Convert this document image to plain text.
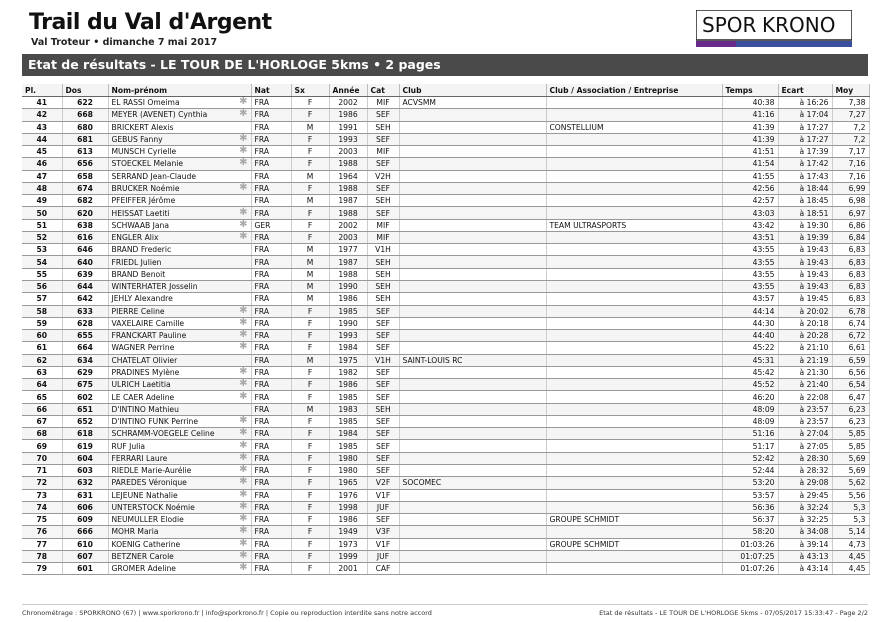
Trail du Val d'Argent
Val Troteur • dimanche 7 mai 2017
SPOR KRONO
Etat de résultats - LE TOUR DE L'HORLOGE 5kms • 2 pages
Pl.	Dos	Nom-prénom	Nat	Sx	Année	Cat	Club	Club / Association / Entreprise	Temps	Ecart	Moy
41	622	EL RASSI Omeima ✱	FRA	F	2002	MIF	ACVSMM		40:38	à 16:26	7,38
42	668	MEYER (AVENET) Cynthia ✱	FRA	F	1986	SEF			41:16	à 17:04	7,27
43	680	BRICKERT Alexis	FRA	M	1991	SEH		CONSTELLIUM	41:39	à 17:27	7,2
44	681	GEBUS Fanny ✱	FRA	F	1993	SEF			41:39	à 17:27	7,2
45	613	MUNSCH Cyrielle ✱	FRA	F	2003	MIF			41:51	à 17:39	7,17
46	656	STOECKEL Melanie ✱	FRA	F	1988	SEF			41:54	à 17:42	7,16
47	658	SERRAND Jean-Claude	FRA	M	1964	V2H			41:55	à 17:43	7,16
48	674	BRUCKER Noémie ✱	FRA	F	1988	SEF			42:56	à 18:44	6,99
49	682	PFEIFFER Jérôme	FRA	M	1987	SEH			42:57	à 18:45	6,98
50	620	HEISSAT Laetiti ✱	FRA	F	1988	SEF			43:03	à 18:51	6,97
51	638	SCHWAAB Jana ✱	GER	F	2002	MIF		TEAM ULTRASPORTS	43:42	à 19:30	6,86
52	616	ENGLER Alix ✱	FRA	F	2003	MIF			43:51	à 19:39	6,84
53	646	BRAND Frederic	FRA	M	1977	V1H			43:55	à 19:43	6,83
54	640	FRIEDL Julien	FRA	M	1987	SEH			43:55	à 19:43	6,83
55	639	BRAND Benoit	FRA	M	1988	SEH			43:55	à 19:43	6,83
56	644	WINTERHATER Josselin	FRA	M	1990	SEH			43:55	à 19:43	6,83
57	642	JEHLY Alexandre	FRA	M	1986	SEH			43:57	à 19:45	6,83
58	633	PIERRE Celine ✱	FRA	F	1985	SEF			44:14	à 20:02	6,78
59	628	VAXELAIRE Camille ✱	FRA	F	1990	SEF			44:30	à 20:18	6,74
60	655	FRANCKART Pauline ✱	FRA	F	1993	SEF			44:40	à 20:28	6,72
61	664	WAGNER Perrine ✱	FRA	F	1984	SEF			45:22	à 21:10	6,61
62	634	CHATELAT Olivier	FRA	M	1975	V1H	SAINT-LOUIS RC		45:31	à 21:19	6,59
63	629	PRADINES Mylène ✱	FRA	F	1982	SEF			45:42	à 21:30	6,56
64	675	ULRICH Laetitia ✱	FRA	F	1986	SEF			45:52	à 21:40	6,54
65	602	LE CAER Adeline ✱	FRA	F	1985	SEF			46:20	à 22:08	6,47
66	651	D'INTINO Mathieu	FRA	M	1983	SEH			48:09	à 23:57	6,23
67	652	D'INTINO FUNK Perrine ✱	FRA	F	1985	SEF			48:09	à 23:57	6,23
68	618	SCHRAMM-VOEGELE Celine ✱	FRA	F	1984	SEF			51:16	à 27:04	5,85
69	619	RUF Julia ✱	FRA	F	1985	SEF			51:17	à 27:05	5,85
70	604	FERRARI Laure ✱	FRA	F	1980	SEF			52:42	à 28:30	5,69
71	603	RIEDLE Marie-Aurélie ✱	FRA	F	1980	SEF			52:44	à 28:32	5,69
72	632	PAREDES Véronique ✱	FRA	F	1965	V2F	SOCOMEC		53:20	à 29:08	5,62
73	631	LEJEUNE Nathalie ✱	FRA	F	1976	V1F			53:57	à 29:45	5,56
74	606	UNTERSTOCK Noémie ✱	FRA	F	1998	JUF			56:36	à 32:24	5,3
75	609	NEUMULLER Elodie ✱	FRA	F	1986	SEF		GROUPE SCHMIDT	56:37	à 32:25	5,3
76	666	MOHR Maria ✱	FRA	F	1949	V3F			58:20	à 34:08	5,14
77	610	KOENIG Catherine ✱	FRA	F	1973	V1F		GROUPE SCHMIDT	01:03:26	à 39:14	4,73
78	607	BETZNER Carole ✱	FRA	F	1999	JUF			01:07:25	à 43:13	4,45
79	601	GROMER Adeline ✱	FRA	F	2001	CAF			01:07:26	à 43:14	4,45
Chronométrage : SPORKRONO (67) | www.sporkrono.fr | info@sporkrono.fr | Copie ou reproduction interdite sans notre accord	Etat de résultats - LE TOUR DE L'HORLOGE 5kms - 07/05/2017 15:33:47 - Page 2/2
